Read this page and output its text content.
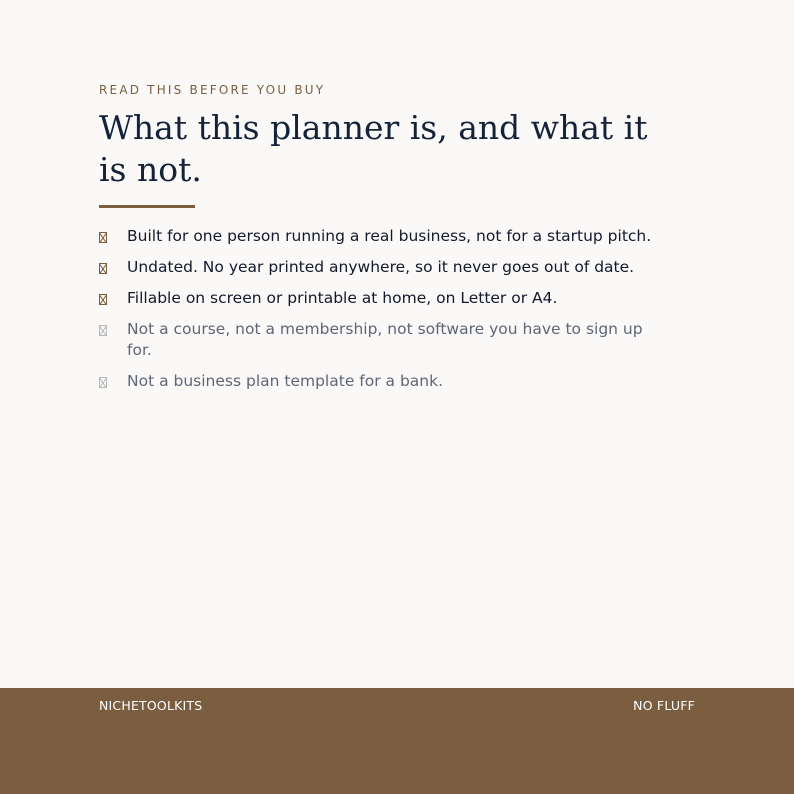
READ THIS BEFORE YOU BUY

What this planner is, and what it is not.
Built for one person running a real business, not for a startup pitch.
Undated. No year printed anywhere, so it never goes out of date.
Fillable on screen or printable at home, on Letter or A4.
Not a course, not a membership, not software you have to sign up for.
Not a business plan template for a bank.
NICHETOOLKITS	NO FLUFF
